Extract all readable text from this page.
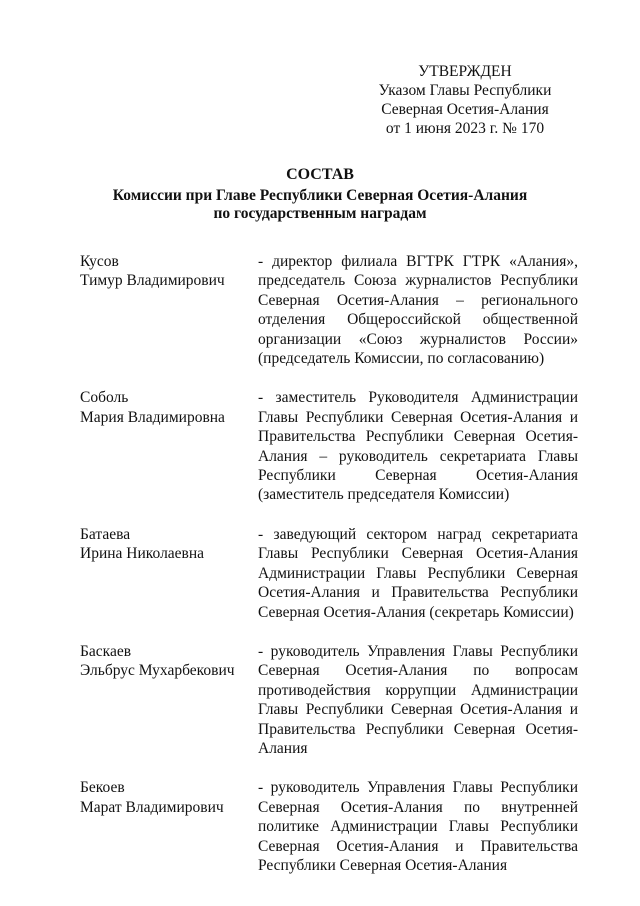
УТВЕРЖДЕН
Указом Главы Республики
Северная Осетия-Алания
от 1 июня 2023 г. № 170
СОСТАВ
Комиссии при Главе Республики Северная Осетия-Алания
по государственным наградам
Кусов
Тимур Владимирович
- директор филиала ВГТРК ГТРК «Алания», председатель Союза журналистов Республики Северная Осетия-Алания – регионального отделения Общероссийской общественной организации «Союз журналистов России» (председатель Комиссии, по согласованию)
Соболь
Мария Владимировна
- заместитель Руководителя Администрации Главы Республики Северная Осетия-Алания и Правительства Республики Северная Осетия-Алания – руководитель секретариата Главы Республики Северная Осетия-Алания (заместитель председателя Комиссии)
Батаева
Ирина Николаевна
- заведующий сектором наград секретариата Главы Республики Северная Осетия-Алания Администрации Главы Республики Северная Осетия-Алания и Правительства Республики Северная Осетия-Алания (секретарь Комиссии)
Баскаев
Эльбрус Мухарбекович
- руководитель Управления Главы Республики Северная Осетия-Алания по вопросам противодействия коррупции Администрации Главы Республики Северная Осетия-Алания и Правительства Республики Северная Осетия-Алания
Бекоев
Марат Владимирович
- руководитель Управления Главы Республики Северная Осетия-Алания по внутренней политике Администрации Главы Республики Северная Осетия-Алания и Правительства Республики Северная Осетия-Алания
